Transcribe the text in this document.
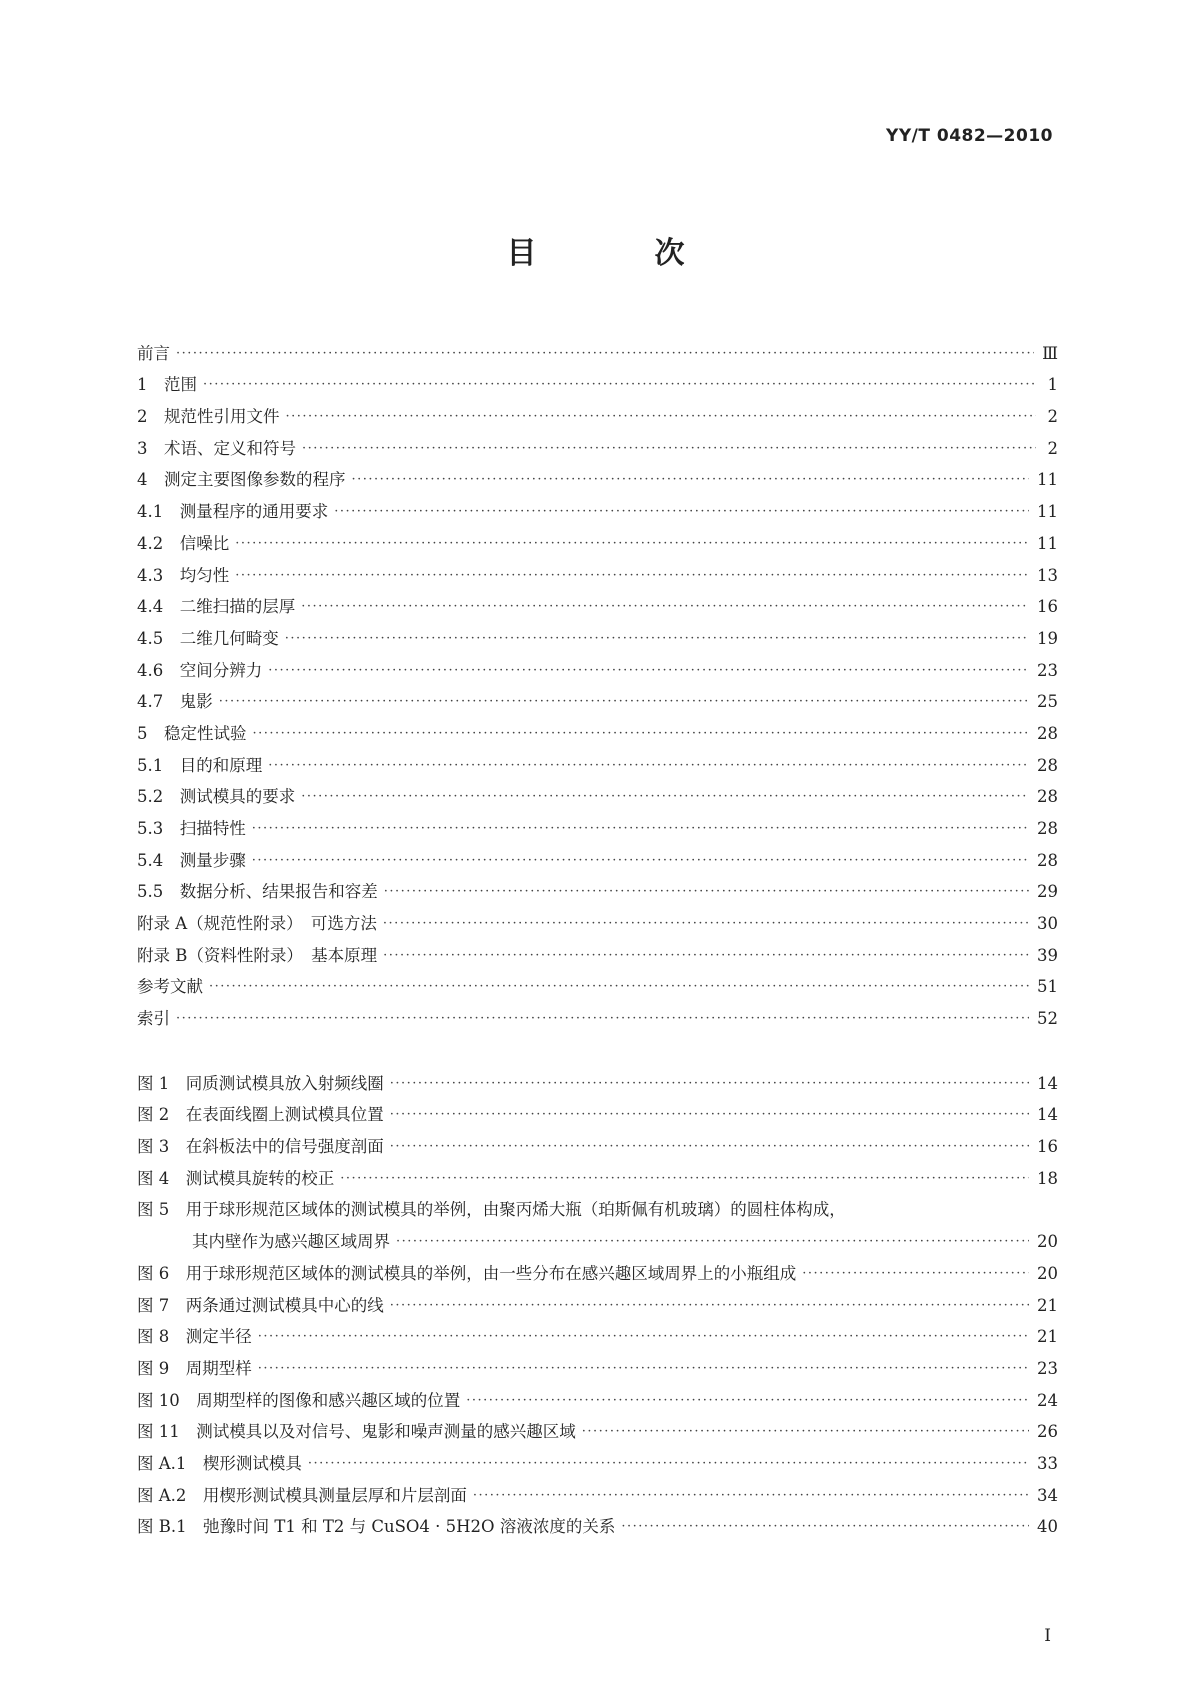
YY/T 0482—2010
目　次
前言 ·····	Ⅲ
1　范围 ·····	1
2　规范性引用文件 ·····	2
3　术语、定义和符号 ·····	2
4　测定主要图像参数的程序 ·····	11
4.1　测量程序的通用要求 ·····	11
4.2　信噪比 ·····	11
4.3　均匀性 ·····	13
4.4　二维扫描的层厚 ·····	16
4.5　二维几何畸变 ·····	19
4.6　空间分辨力 ·····	23
4.7　鬼影 ·····	25
5　稳定性试验 ·····	28
5.1　目的和原理 ·····	28
5.2　测试模具的要求 ·····	28
5.3　扫描特性 ·····	28
5.4　测量步骤 ·····	28
5.5　数据分析、结果报告和容差 ·····	29
附录 A（规范性附录）　可选方法 ·····	30
附录 B（资料性附录）　基本原理 ·····	39
参考文献 ·····	51
索引 ·····	52
图 1　同质测试模具放入射频线圈 ·····	14
图 2　在表面线圈上测试模具位置 ·····	14
图 3　在斜板法中的信号强度剖面 ·····	16
图 4　测试模具旋转的校正 ·····	18
图 5　用于球形规范区域体的测试模具的举例，由聚丙烯大瓶（珀斯佩有机玻璃）的圆柱体构成，
其内壁作为感兴趣区域周界 ·····	20
图 6　用于球形规范区域体的测试模具的举例，由一些分布在感兴趣区域周界上的小瓶组成 ·····	20
图 7　两条通过测试模具中心的线 ·····	21
图 8　测定半径 ·····	21
图 9　周期型样 ·····	23
图 10　周期型样的图像和感兴趣区域的位置 ·····	24
图 11　测试模具以及对信号、鬼影和噪声测量的感兴趣区域 ·····	26
图 A.1　楔形测试模具 ·····	33
图 A.2　用楔形测试模具测量层厚和片层剖面 ·····	34
图 B.1　弛豫时间 T1 和 T2 与 CuSO4 · 5H2O 溶液浓度的关系 ·····	40
I
